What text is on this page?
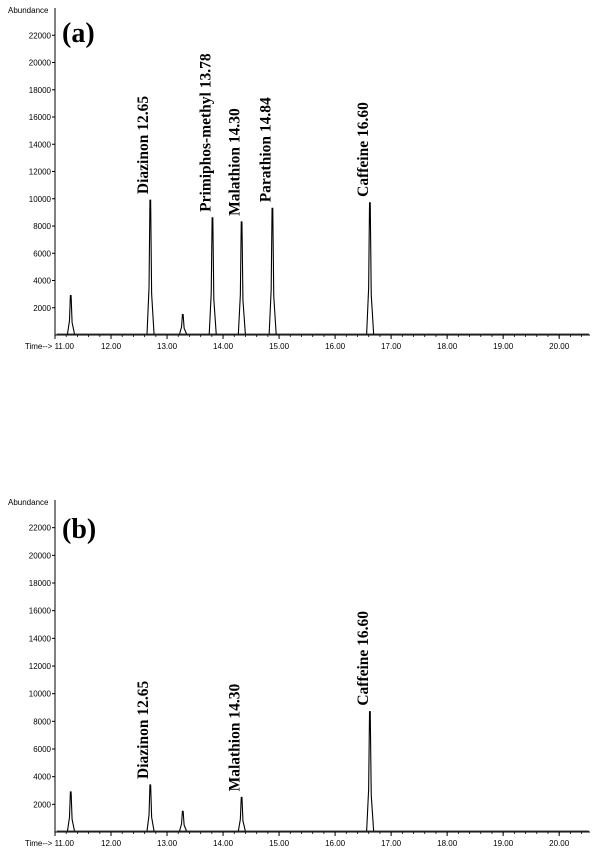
Abundance
2000
4000
6000
8000
10000
12000
14000
16000
18000
20000
22000
Time--> 11.00	12.00	13.00	14.00	15.00	16.00	17.00	18.00	19.00	20.00
(a)
Diazinon 12.65	Primiphos-methyl 13.78 Malathion 14.30 Parathion 14.84	Caffeine 16.60
Abundance
2000
4000
6000
8000
10000
12000
14000
16000
18000
20000
22000
Time--> 11.00	12.00	13.00	14.00	15.00	16.00	17.00	18.00	19.00	20.00
(b)
Diazinon 12.65	Malathion 14.30
Caffeine 16.60
